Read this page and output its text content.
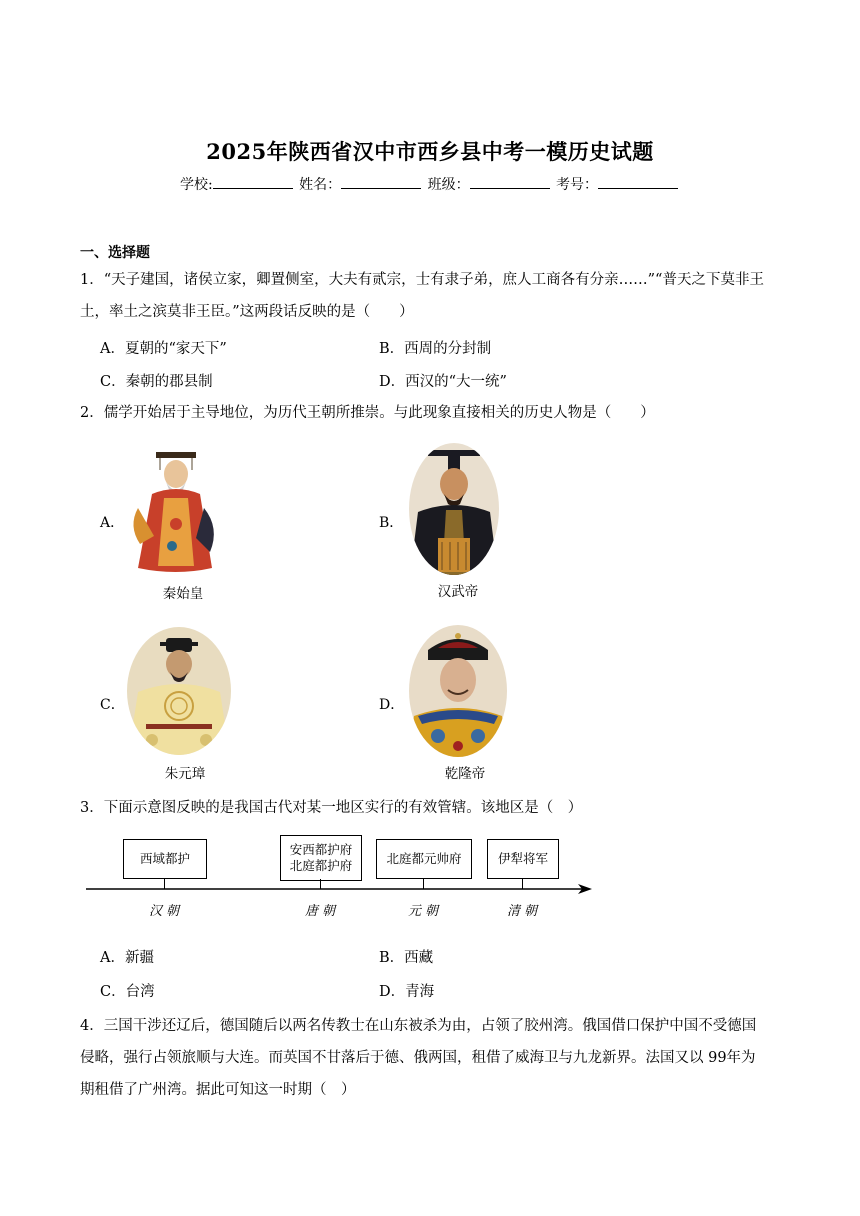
2025年陕西省汉中市西乡县中考一模历史试题
学校:	姓名：	班级：	考号：
一、选择题
1．“天子建国，诸侯立家，卿置侧室，大夫有贰宗，士有隶子弟，庶人工商各有分亲……”“普天之下莫非王
土，率土之滨莫非王臣。”这两段话反映的是（　　）
A．夏朝的“家天下”	B．西周的分封制
C．秦朝的郡县制	D．西汉的“大一统”
2．儒学开始居于主导地位，为历代王朝所推崇。与此现象直接相关的历史人物是（　　）
A．
秦始皇
B．
汉武帝
C．
朱元璋
D．
乾隆帝
3．下面示意图反映的是我国古代对某一地区实行的有效管辖。该地区是（　）
西域都护
安西都护府
北庭都护府	北庭都元帅府	伊犁将军
汉朝	唐朝	元朝	清朝
A．新疆	B．西藏
C．台湾	D．青海
4．三国干涉还辽后，德国随后以两名传教士在山东被杀为由，占领了胶州湾。俄国借口保护中国不受德国
侵略，强行占领旅顺与大连。而英国不甘落后于德、俄两国，租借了威海卫与九龙新界。法国又以 99年为
期租借了广州湾。据此可知这一时期（　）
